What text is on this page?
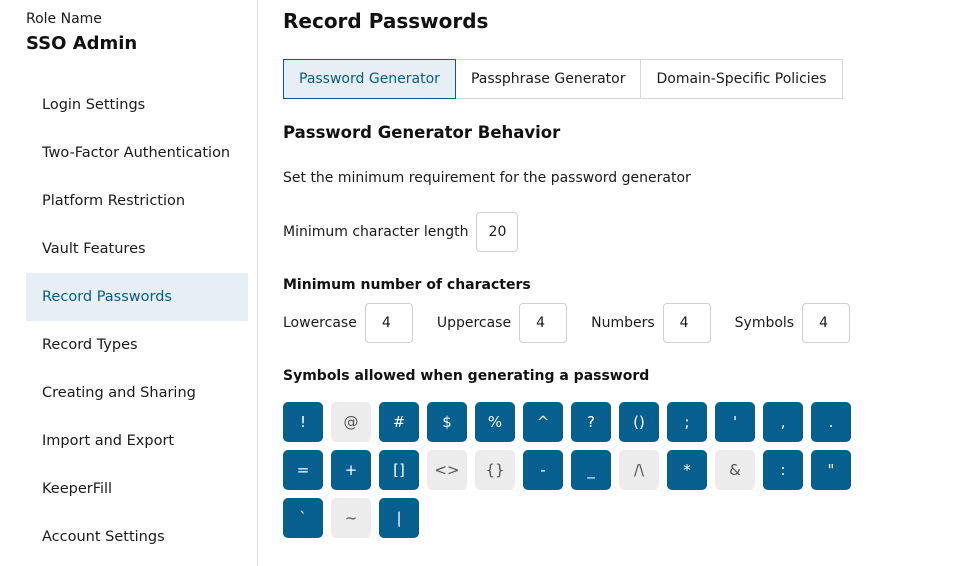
Role Name
SSO Admin
Login Settings
Two-Factor Authentication
Platform Restriction
Vault Features
Record Passwords
Record Types
Creating and Sharing
Import and Export
KeeperFill
Account Settings
Record Passwords
Password Generator	Passphrase Generator	Domain-Specific Policies
Password Generator Behavior

Set the minimum requirement for the password generator

Minimum character length	20
Minimum number of characters
Lowercase	4	Uppercase	4	Numbers	4	Symbols	4
Symbols allowed when generating a password
!	@	#	$	%	^	?	()	;	'	,	.
=	+	[]	<>	{}	-	_	/\	*	&	:	"
`	~	|
